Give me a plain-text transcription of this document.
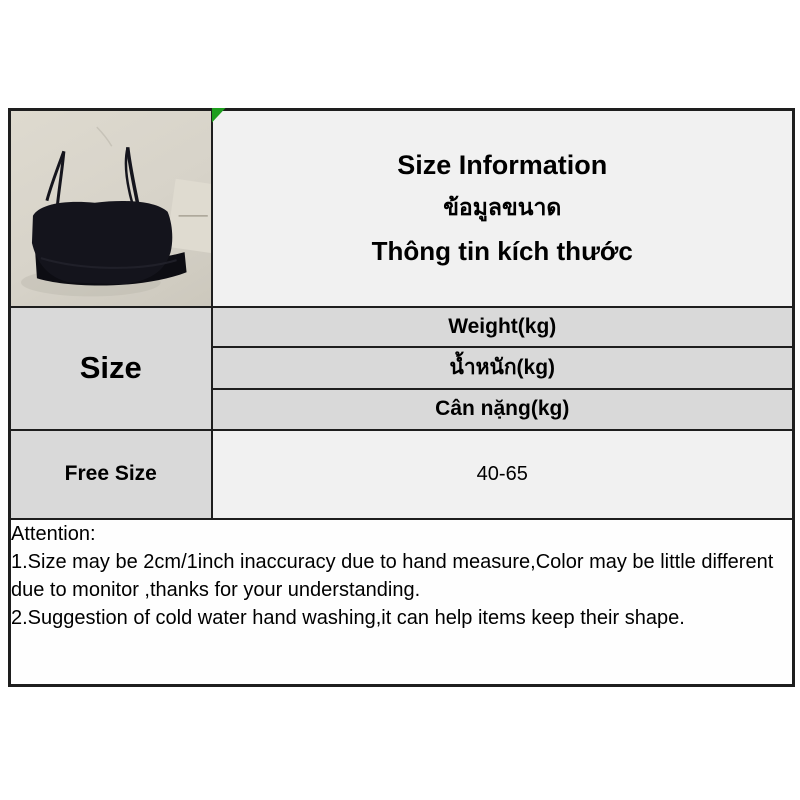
Size Information
ข้อมูลขนาด
Thông tin kích thước

Size	Weight(kg)
	น้ำหนัก(kg)
	Cân nặng(kg)
Free Size	40-65

Attention:
1.Size may be 2cm/1inch inaccuracy due to hand measure,Color may be little different due to monitor ,thanks for your understanding.
2.Suggestion of cold water hand washing,it can help items keep their shape.	
